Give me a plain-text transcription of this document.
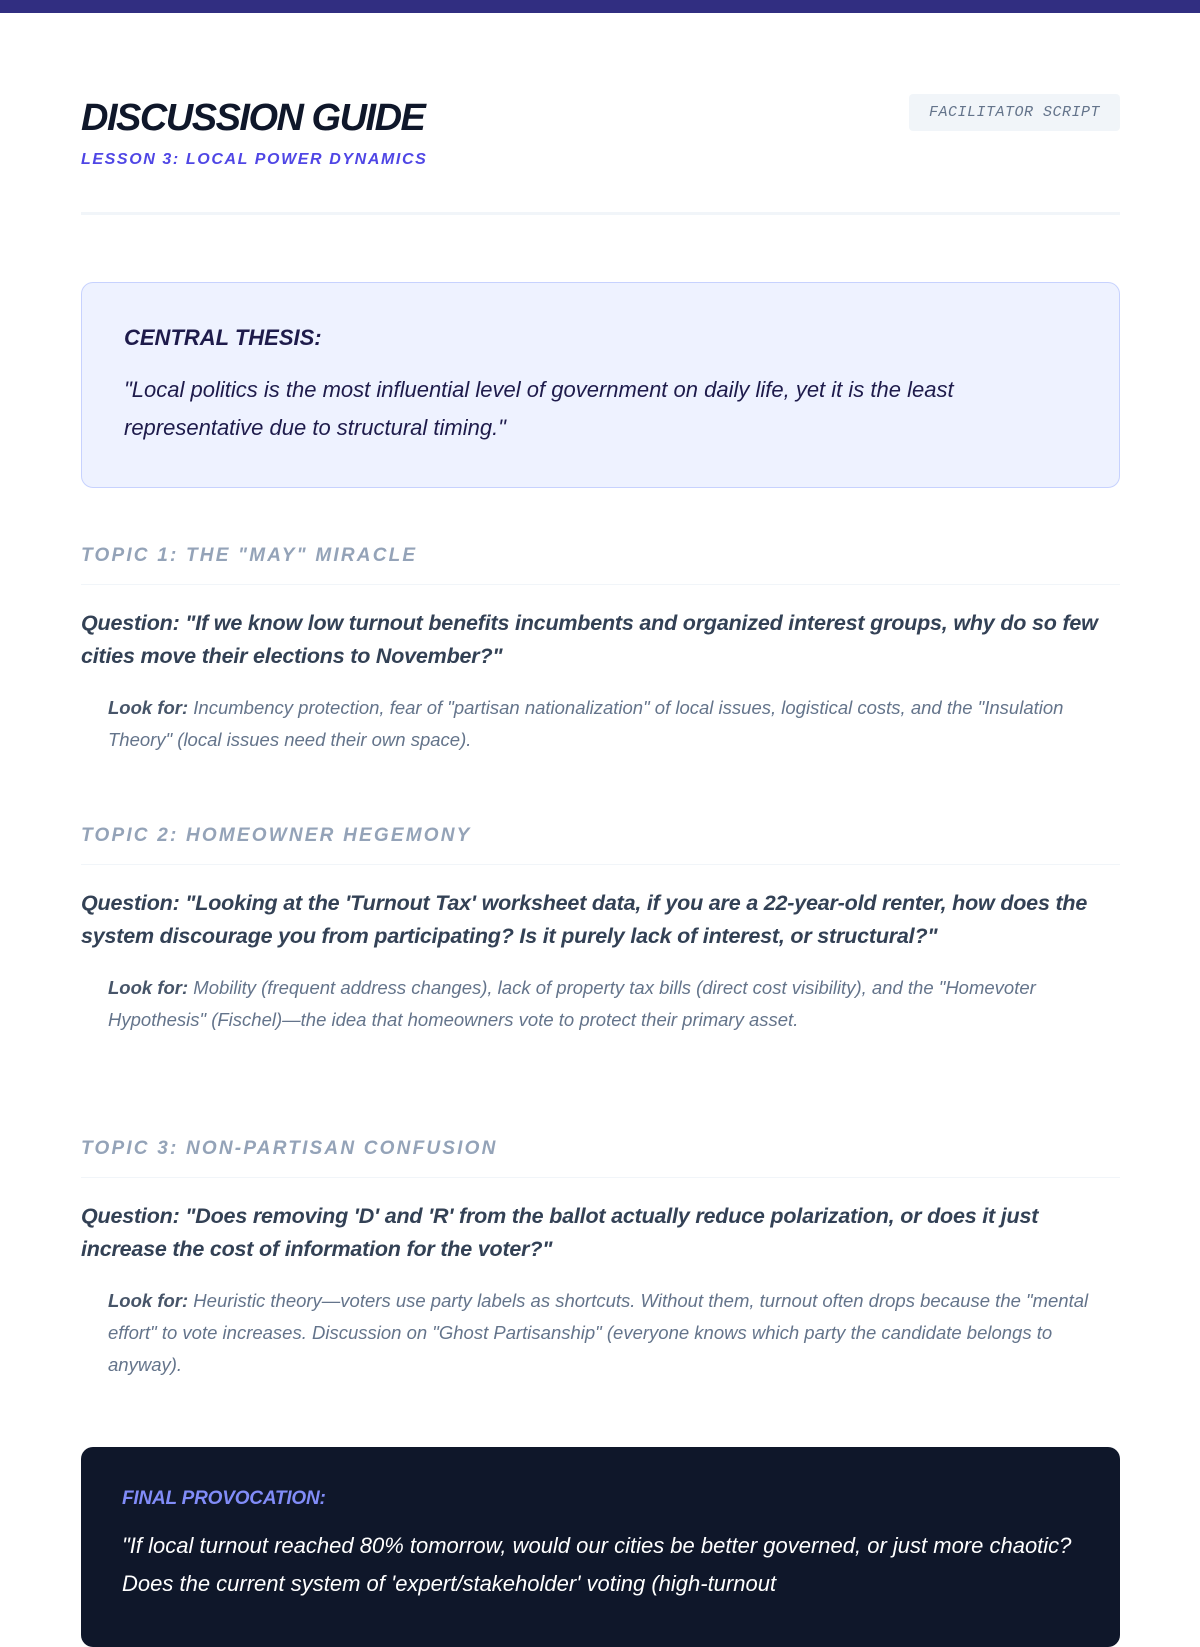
DISCUSSION GUIDE
LESSON 3: LOCAL POWER DYNAMICS
FACILITATOR SCRIPT
CENTRAL THESIS:
"Local politics is the most influential level of government on daily life, yet it is the least representative due to structural timing."
TOPIC 1: THE "MAY" MIRACLE
Question: "If we know low turnout benefits incumbents and organized interest groups, why do so few cities move their elections to November?"
Look for: Incumbency protection, fear of "partisan nationalization" of local issues, logistical costs, and the "Insulation Theory" (local issues need their own space).
TOPIC 2: HOMEOWNER HEGEMONY
Question: "Looking at the 'Turnout Tax' worksheet data, if you are a 22-year-old renter, how does the system discourage you from participating? Is it purely lack of interest, or structural?"
Look for: Mobility (frequent address changes), lack of property tax bills (direct cost visibility), and the "Homevoter Hypothesis" (Fischel)—the idea that homeowners vote to protect their primary asset.
TOPIC 3: NON-PARTISAN CONFUSION
Question: "Does removing 'D' and 'R' from the ballot actually reduce polarization, or does it just increase the cost of information for the voter?"
Look for: Heuristic theory—voters use party labels as shortcuts. Without them, turnout often drops because the "mental effort" to vote increases. Discussion on "Ghost Partisanship" (everyone knows which party the candidate belongs to anyway).
FINAL PROVOCATION:
"If local turnout reached 80% tomorrow, would our cities be better governed, or just more chaotic? Does the current system of 'expert/stakeholder' voting (high-turnout
